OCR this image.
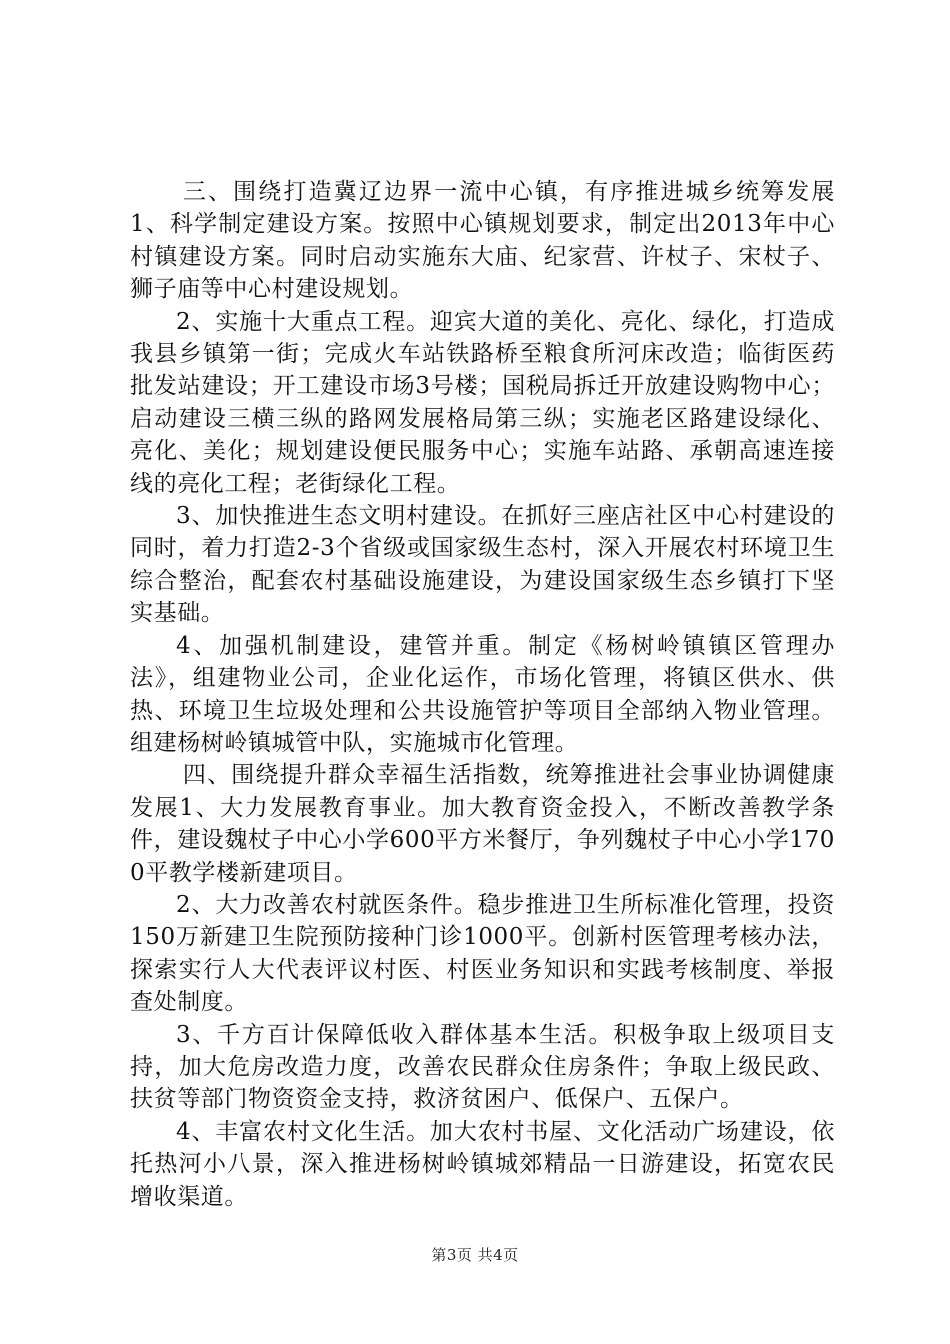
三、围绕打造冀辽边界一流中心镇，有序推进城乡统筹发展1、科学制定建设方案。按照中心镇规划要求，制定出2013年中心村镇建设方案。同时启动实施东大庙、纪家营、许杖子、宋杖子、狮子庙等中心村建设规划。

2、实施十大重点工程。迎宾大道的美化、亮化、绿化，打造成我县乡镇第一街；完成火车站铁路桥至粮食所河床改造；临街医药批发站建设；开工建设市场3号楼；国税局拆迁开放建设购物中心；启动建设三横三纵的路网发展格局第三纵；实施老区路建设绿化、亮化、美化；规划建设便民服务中心；实施车站路、承朝高速连接线的亮化工程；老街绿化工程。

3、加快推进生态文明村建设。在抓好三座店社区中心村建设的同时，着力打造2-3个省级或国家级生态村，深入开展农村环境卫生综合整治，配套农村基础设施建设，为建设国家级生态乡镇打下坚实基础。

4、加强机制建设，建管并重。制定《杨树岭镇镇区管理办法》，组建物业公司，企业化运作，市场化管理，将镇区供水、供热、环境卫生垃圾处理和公共设施管护等项目全部纳入物业管理。组建杨树岭镇城管中队，实施城市化管理。

四、围绕提升群众幸福生活指数，统筹推进社会事业协调健康发展1、大力发展教育事业。加大教育资金投入，不断改善教学条件，建设魏杖子中心小学600平方米餐厅，争列魏杖子中心小学1700平教学楼新建项目。

2、大力改善农村就医条件。稳步推进卫生所标准化管理，投资150万新建卫生院预防接种门诊1000平。创新村医管理考核办法，探索实行人大代表评议村医、村医业务知识和实践考核制度、举报查处制度。

3、千方百计保障低收入群体基本生活。积极争取上级项目支持，加大危房改造力度，改善农民群众住房条件；争取上级民政、扶贫等部门物资资金支持，救济贫困户、低保户、五保户。

4、丰富农村文化生活。加大农村书屋、文化活动广场建设，依托热河小八景，深入推进杨树岭镇城郊精品一日游建设，拓宽农民增收渠道。

第3页 共4页
